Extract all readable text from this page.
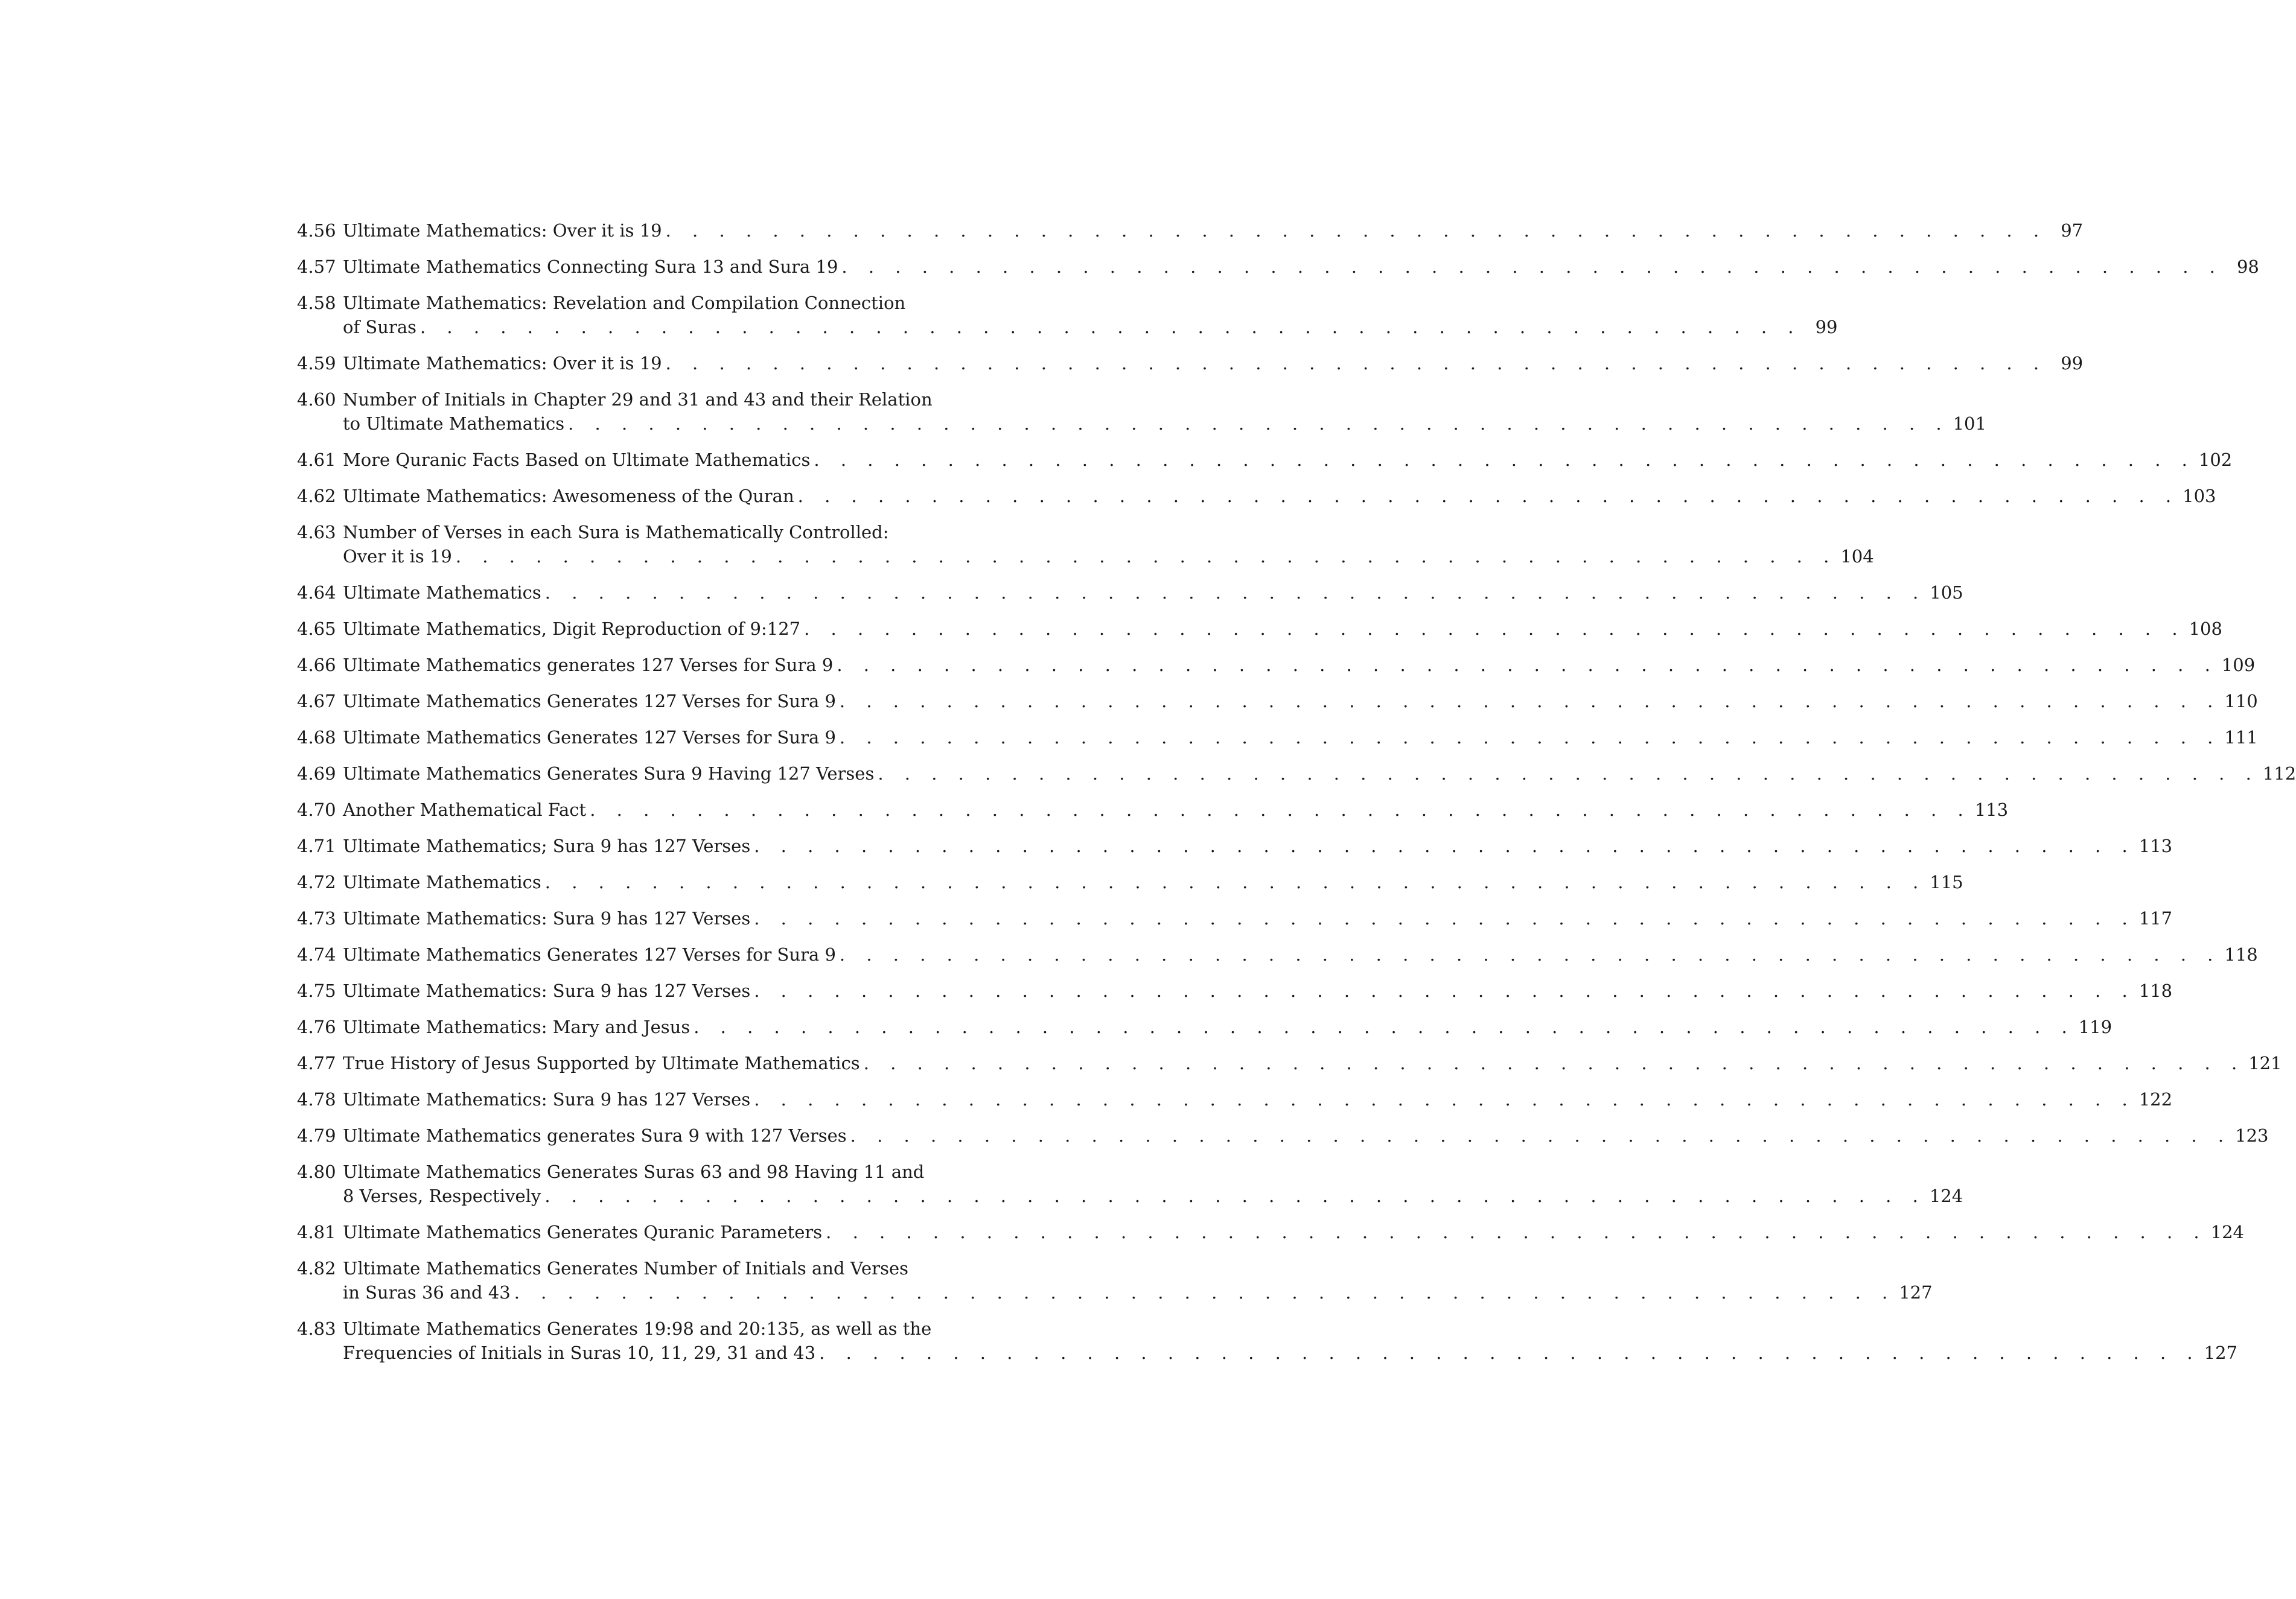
4.56 Ultimate Mathematics: Over it is 19 . . .	97
4.57 Ultimate Mathematics Connecting Sura 13 and Sura 19 . . .	98
4.58 Ultimate Mathematics: Revelation and Compilation Connection
of Suras . . .	99
4.59 Ultimate Mathematics: Over it is 19 . . .	99
4.60 Number of Initials in Chapter 29 and 31 and 43 and their Relation
to Ultimate Mathematics . . .	101
4.61 More Quranic Facts Based on Ultimate Mathematics . . .	102
4.62 Ultimate Mathematics: Awesomeness of the Quran . . .	103
4.63 Number of Verses in each Sura is Mathematically Controlled:
Over it is 19 . . .	104
4.64 Ultimate Mathematics . . .	105
4.65 Ultimate Mathematics, Digit Reproduction of 9:127 . . .	108
4.66 Ultimate Mathematics generates 127 Verses for Sura 9 . . .	109
4.67 Ultimate Mathematics Generates 127 Verses for Sura 9 . . .	110
4.68 Ultimate Mathematics Generates 127 Verses for Sura 9 . . .	111
4.69 Ultimate Mathematics Generates Sura 9 Having 127 Verses . . .	112
4.70 Another Mathematical Fact . . .	113
4.71 Ultimate Mathematics; Sura 9 has 127 Verses . . .	113
4.72 Ultimate Mathematics . . .	115
4.73 Ultimate Mathematics: Sura 9 has 127 Verses . . .	117
4.74 Ultimate Mathematics Generates 127 Verses for Sura 9 . . .	118
4.75 Ultimate Mathematics: Sura 9 has 127 Verses . . .	118
4.76 Ultimate Mathematics: Mary and Jesus . . .	119
4.77 True History of Jesus Supported by Ultimate Mathematics . . .	121
4.78 Ultimate Mathematics: Sura 9 has 127 Verses . . .	122
4.79 Ultimate Mathematics generates Sura 9 with 127 Verses . . .	123
4.80 Ultimate Mathematics Generates Suras 63 and 98 Having 11 and
8 Verses, Respectively . . .	124
4.81 Ultimate Mathematics Generates Quranic Parameters . . .	124
4.82 Ultimate Mathematics Generates Number of Initials and Verses
in Suras 36 and 43 . . .	127
4.83 Ultimate Mathematics Generates 19:98 and 20:135, as well as the
Frequencies of Initials in Suras 10, 11, 29, 31 and 43 . . .	127
